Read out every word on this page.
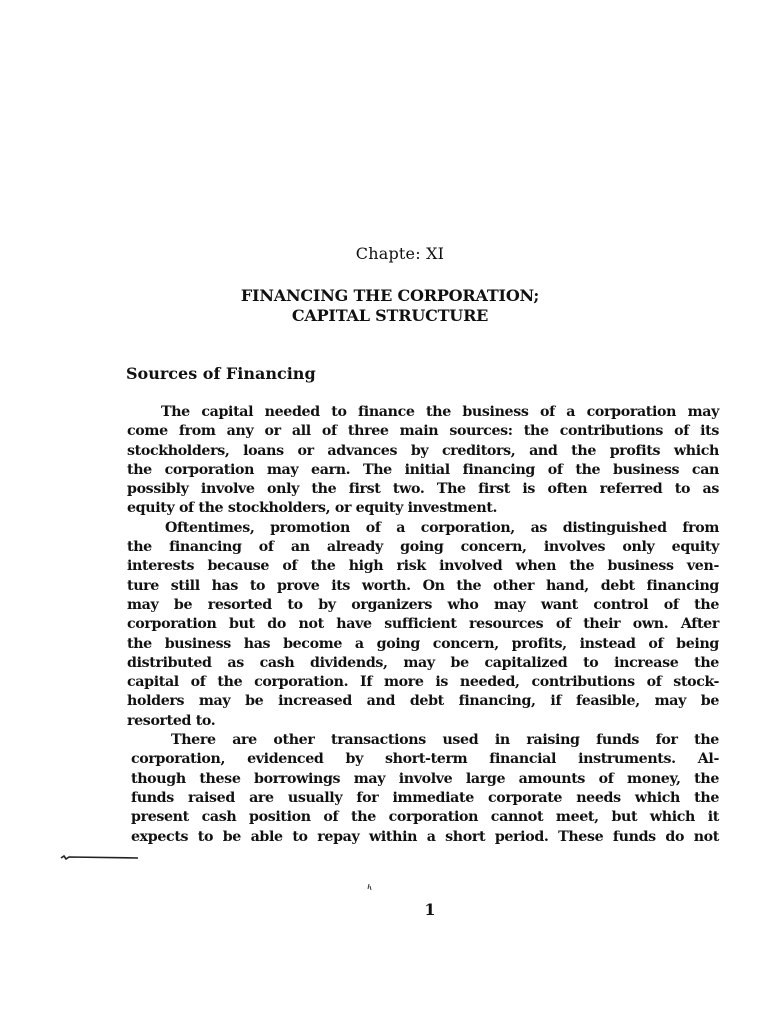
Chapte: XI
FINANCING THE CORPORATION;
CAPITAL STRUCTURE
Sources of Financing
The capital needed to finance the business of a corporation may
come from any or all of three main sources: the contributions of its
stockholders, loans or advances by creditors, and the profits which
the corporation may earn. The initial financing of the business can
possibly involve only the first two. The first is often referred to as
equity of the stockholders, or equity investment.
Oftentimes, promotion of a corporation, as distinguished from
the financing of an already going concern, involves only equity
interests because of the high risk involved when the business ven-
ture still has to prove its worth. On the other hand, debt financing
may be resorted to by organizers who may want control of the
corporation but do not have sufficient resources of their own. After
the business has become a going concern, profits, instead of being
distributed as cash dividends, may be capitalized to increase the
capital of the corporation. If more is needed, contributions of stock-
holders may be increased and debt financing, if feasible, may be
resorted to.
There are other transactions used in raising funds for the
corporation, evidenced by short-term financial instruments. Al-
though these borrowings may involve large amounts of money, the
funds raised are usually for immediate corporate needs which the
present cash position of the corporation cannot meet, but which it
expects to be able to repay within a short period. These funds do not
1
